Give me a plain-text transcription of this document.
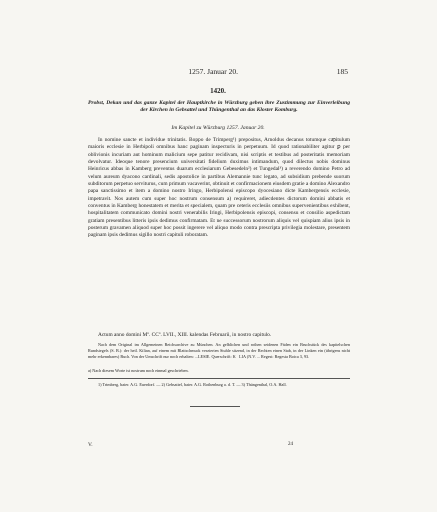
1257. Januar 20.	185
1420.
Probst, Dekan und das ganze Kapitel der Hauptkirche in Würzburg geben ihre Zustimmung zur Einverleibung der Kirchen in Gebsattel und Thüngenthal an das Kloster Komburg.
Im Kapitel zu Würzburg 1257. Januar 20.

In nomine sancte et individue trinitatis. Boppo de Trimperg¹) prepositus, Arnoldus decanus totumque ca͞pitulum maioris ecclesie in Herbipoli omnibus hanc paginam inspecturis in perpetuum. Id quod rationabiliter agitur ꝑ per oblivionis incuriam aut hominum malicium sepe patitur recidivam, nisi scriptis et testibus ad posteritatis memoriam devolvatur. Ideoque tenore presencium universitati fidelium duximus intimandum, quod dilectus nobis dominus Heinricus abbas in Kamberg preventus duarum ecclesiarum Gebesedeln²) et Tungedal³) a reverendo domino Petro ad velum aureum dyacono cardinali, sedis apostolice in partibus Alemannie tunc legato, ad subsidium prebende suorum subditorum perpetuo serviturus, cum primum vacaverint, obtinuit et confirmacionem eiusdem gratie a domino Alexandro papa sanctissimo et item a domino nostro Iringo, Herbipolensi episcopo dyocesiano dicte Kambergensis ecclesie, impetravit. Nos autem cum super hoc nostrum consensum a) requireret, adiecdentes dictorum domini abbatis et conventus in Kamberg honestatem et merita et specialem, quam pre ceteris ecclesiis omnibus supervenientibus exhibent, hospitalitatem communicato domini nostri venerabilis Iringi, Herbipolensis episcopi, consensu et consilio aspedictam gratiam presentibus litteris ipsis dedimus confirmatam. Et ne successorum nostrorum aliquis vel quispiam alius ipsis in posterum gravamen aliquod super hoc possit ingerere vel aliquo modo contra prescripta privilegia molestare, presentem paginam ipsis dedimus sigillo nostri capituli roboratam.

Actum anno domini Mº. CCº. LVII., XIII. kalendas Februarii, in nostro capitulo.

Nach dem Original im Allgemeinen Reichsarchive zu München. An gelblichen und rothen seidenen Fäden ein Bruchstück des kapitelschen Rundsiegels (S. B.): der heil. Kilian, auf einem mit Blattschmuck verzierten Stuhle sitzend, in der Rechten einen Stab, in der Linken ein (übrigens nicht mehr erkennbares) Buch. Von der Umschrift nur noch erhalten: ...LESIE. Querschrift: K⃝LIA (N.V. ... Regest: Regesta Boica 3, 93.

a) Nach diesem Worte ist nostrum noch einmal geschrieben.

1) Trimberg, baier. A.G. Euerdorf. — 2) Gebsattel, baier. A.G. Rothenburg a. d. T. — 3) Thüngenthal, O.A. Hall.

V.	24
